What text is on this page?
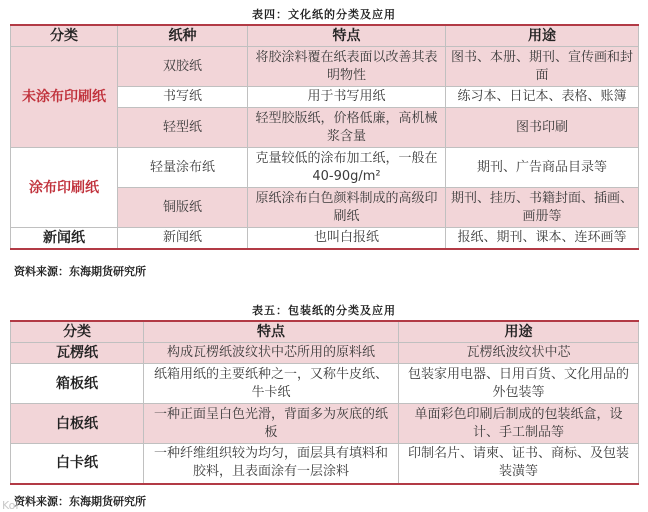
表四：文化纸的分类及应用
分类	纸种	特点	用途
未涂布印刷纸	双胶纸	将胶涂料覆在纸表面以改善其表明物性	图书、本册、期刊、宣传画和封面
	书写纸	用于书写用纸	练习本、日记本、表格、账簿
	轻型纸	轻型胶版纸，价格低廉，高机械浆含量	图书印刷
涂布印刷纸	轻量涂布纸	克量较低的涂布加工纸，一般在 40-90g/m²	期刊、广告商品目录等
	铜版纸	原纸涂布白色颜料制成的高级印刷纸	期刊、挂历、书籍封面、插画、画册等
新闻纸	新闻纸	也叫白报纸	报纸、期刊、课本、连环画等
资料来源：东海期货研究所
表五：包装纸的分类及应用
分类	特点	用途
瓦楞纸	构成瓦楞纸波纹状中芯所用的原料纸	瓦楞纸波纹状中芯
箱板纸	纸箱用纸的主要纸种之一，又称牛皮纸、牛卡纸	包装家用电器、日用百货、文化用品的外包装等
白板纸	一种正面呈白色光滑，背面多为灰底的纸板	单面彩色印刷后制成的包装纸盒，设计、手工制品等
白卡纸	一种纤维组织较为均匀，面层具有填料和胶料，且表面涂有一层涂料	印制名片、请柬、证书、商标、及包装装潢等
资料来源：东海期货研究所
Kol
